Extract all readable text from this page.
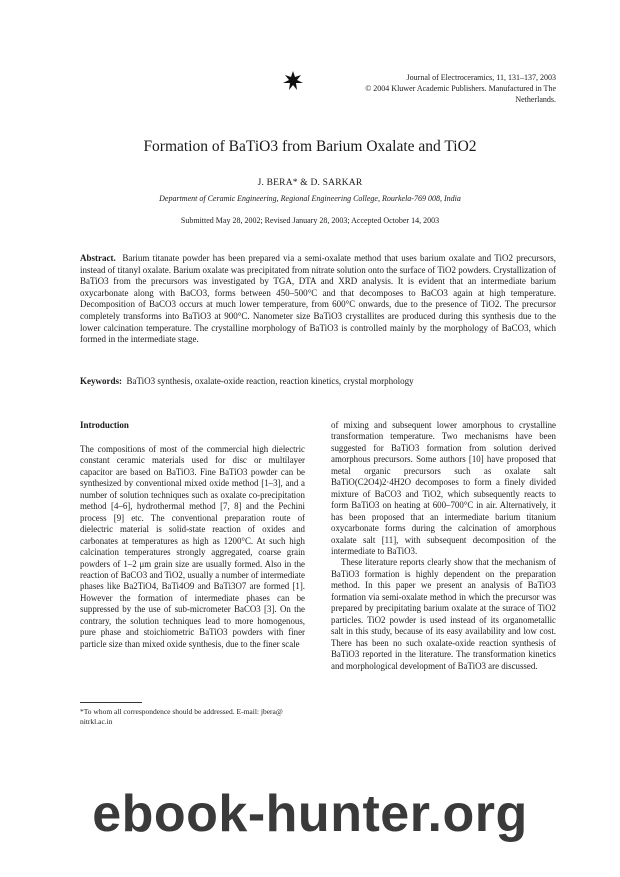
Journal of Electroceramics, 11, 131–137, 2003
© 2004 Kluwer Academic Publishers. Manufactured in The Netherlands.
Formation of BaTiO3 from Barium Oxalate and TiO2
J. BERA* & D. SARKAR
Department of Ceramic Engineering, Regional Engineering College, Rourkela-769 008, India
Submitted May 28, 2002; Revised January 28, 2003; Accepted October 14, 2003
Abstract. Barium titanate powder has been prepared via a semi-oxalate method that uses barium oxalate and TiO2 precursors, instead of titanyl oxalate. Barium oxalate was precipitated from nitrate solution onto the surface of TiO2 powders. Crystallization of BaTiO3 from the precursors was investigated by TGA, DTA and XRD analysis. It is evident that an intermediate barium oxycarbonate along with BaCO3, forms between 450–500°C and that decomposes to BaCO3 again at high temperature. Decomposition of BaCO3 occurs at much lower temperature, from 600°C onwards, due to the presence of TiO2. The precursor completely transforms into BaTiO3 at 900°C. Nanometer size BaTiO3 crystallites are produced during this synthesis due to the lower calcination temperature. The crystalline morphology of BaTiO3 is controlled mainly by the morphology of BaCO3, which formed in the intermediate stage.
Keywords: BaTiO3 synthesis, oxalate-oxide reaction, reaction kinetics, crystal morphology
Introduction

The compositions of most of the commercial high dielectric constant ceramic materials used for disc or multilayer capacitor are based on BaTiO3. Fine BaTiO3 powder can be synthesized by conventional mixed oxide method [1–3], and a number of solution techniques such as oxalate co-precipitation method [4–6], hydrothermal method [7, 8] and the Pechini process [9] etc. The conventional preparation route of dielectric material is solid-state reaction of oxides and carbonates at temperatures as high as 1200°C. At such high calcination temperatures strongly aggregated, coarse grain powders of 1–2 μm grain size are usually formed. Also in the reaction of BaCO3 and TiO2, usually a number of intermediate phases like Ba2TiO4, BaTi4O9 and BaTi3O7 are formed [1]. However the formation of intermediate phases can be suppressed by the use of sub-micrometer BaCO3 [3]. On the contrary, the solution techniques lead to more homogenous, pure phase and stoichiometric BaTiO3 powders with finer particle size than mixed oxide synthesis, due to the finer scale

of mixing and subsequent lower amorphous to crystalline transformation temperature. Two mechanisms have been suggested for BaTiO3 formation from solution derived amorphous precursors. Some authors [10] have proposed that metal organic precursors such as oxalate salt BaTiO(C2O4)2·4H2O decomposes to form a finely divided mixture of BaCO3 and TiO2, which subsequently reacts to form BaTiO3 on heating at 600–700°C in air. Alternatively, it has been proposed that an intermediate barium titanium oxycarbonate forms during the calcination of amorphous oxalate salt [11], with subsequent decomposition of the intermediate to BaTiO3.

These literature reports clearly show that the mechanism of BaTiO3 formation is highly dependent on the preparation method. In this paper we present an analysis of BaTiO3 formation via semi-oxalate method in which the precursor was prepared by precipitating barium oxalate at the surace of TiO2 particles. TiO2 powder is used instead of its organometallic salt in this study, because of its easy availability and low cost. There has been no such oxalate-oxide reaction synthesis of BaTiO3 reported in the literature. The transformation kinetics and morphological development of BaTiO3 are discussed.

*To whom all correspondence should be addressed. E-mail: jbera@ nitrkl.ac.in
ebook-hunter.org
